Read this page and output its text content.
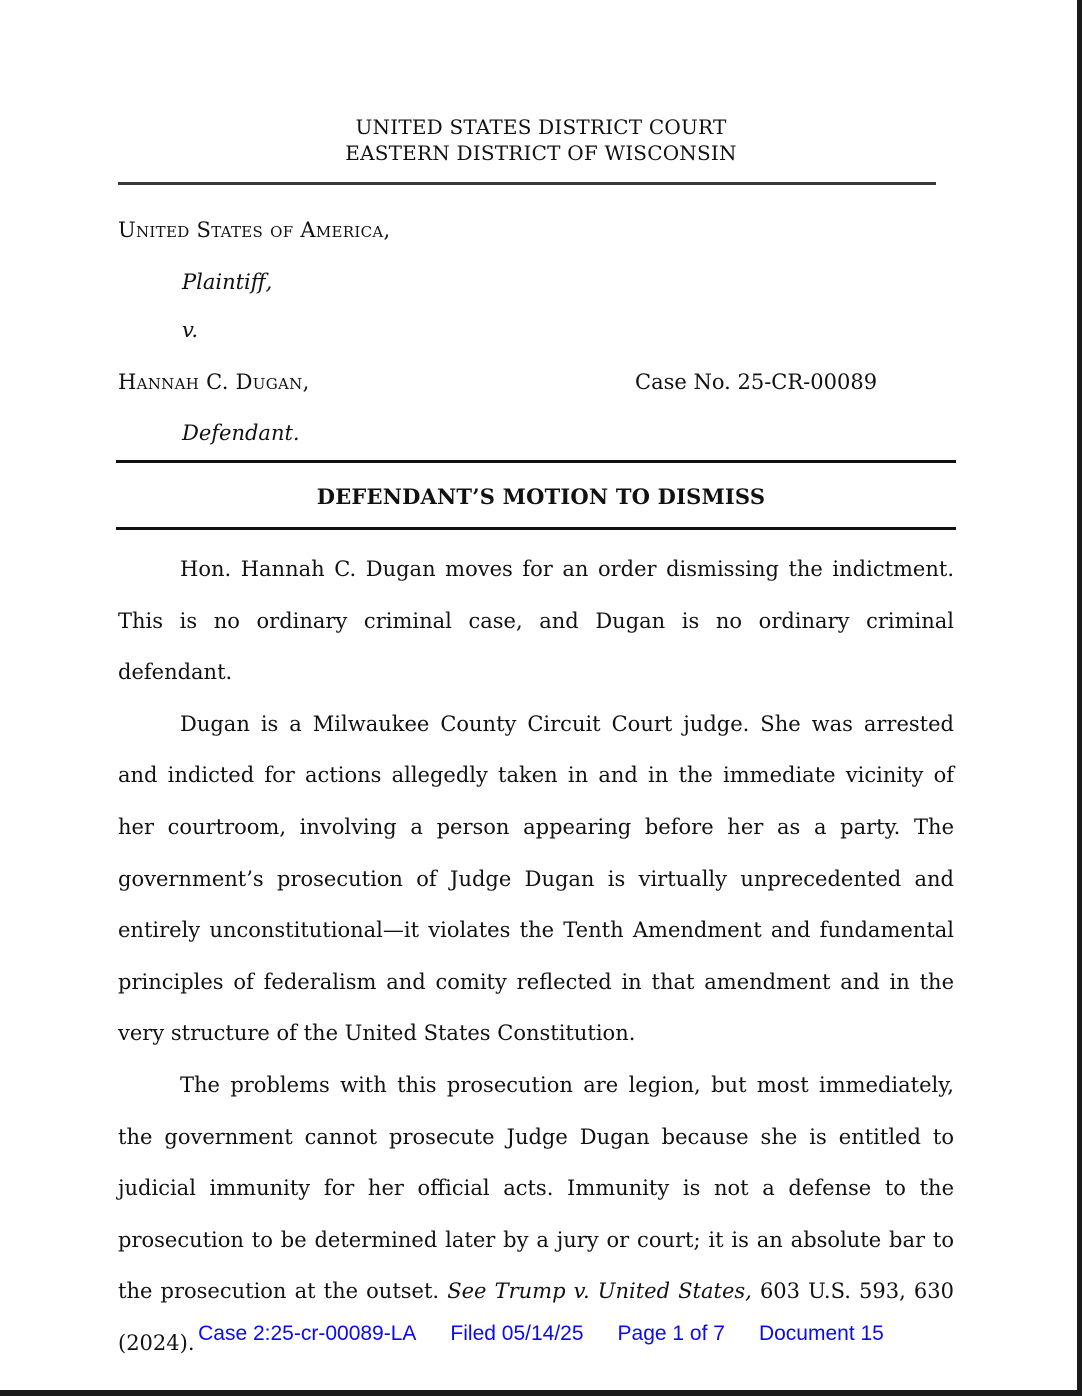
UNITED STATES DISTRICT COURT
EASTERN DISTRICT OF WISCONSIN
United States of America,
Plaintiff,
v.
Hannah C. Dugan,	Case No. 25-CR-00089
Defendant.
DEFENDANT’S MOTION TO DISMISS

Hon. Hannah C. Dugan moves for an order dismissing the indictment. This is no ordinary criminal case, and Dugan is no ordinary criminal defendant.

Dugan is a Milwaukee County Circuit Court judge. She was arrested and indicted for actions allegedly taken in and in the immediate vicinity of her courtroom, involving a person appearing before her as a party. The government’s prosecution of Judge Dugan is virtually unprecedented and entirely unconstitutional—it violates the Tenth Amendment and fundamental principles of federalism and comity reflected in that amendment and in the very structure of the United States Constitution.

The problems with this prosecution are legion, but most immediately, the government cannot prosecute Judge Dugan because she is entitled to judicial immunity for her official acts. Immunity is not a defense to the prosecution to be determined later by a jury or court; it is an absolute bar to the prosecution at the outset. See Trump v. United States, 603 U.S. 593, 630 (2024). Case 2:25-cr-00089-LA Filed 05/14/25 Page 1 of 7 Document 15
